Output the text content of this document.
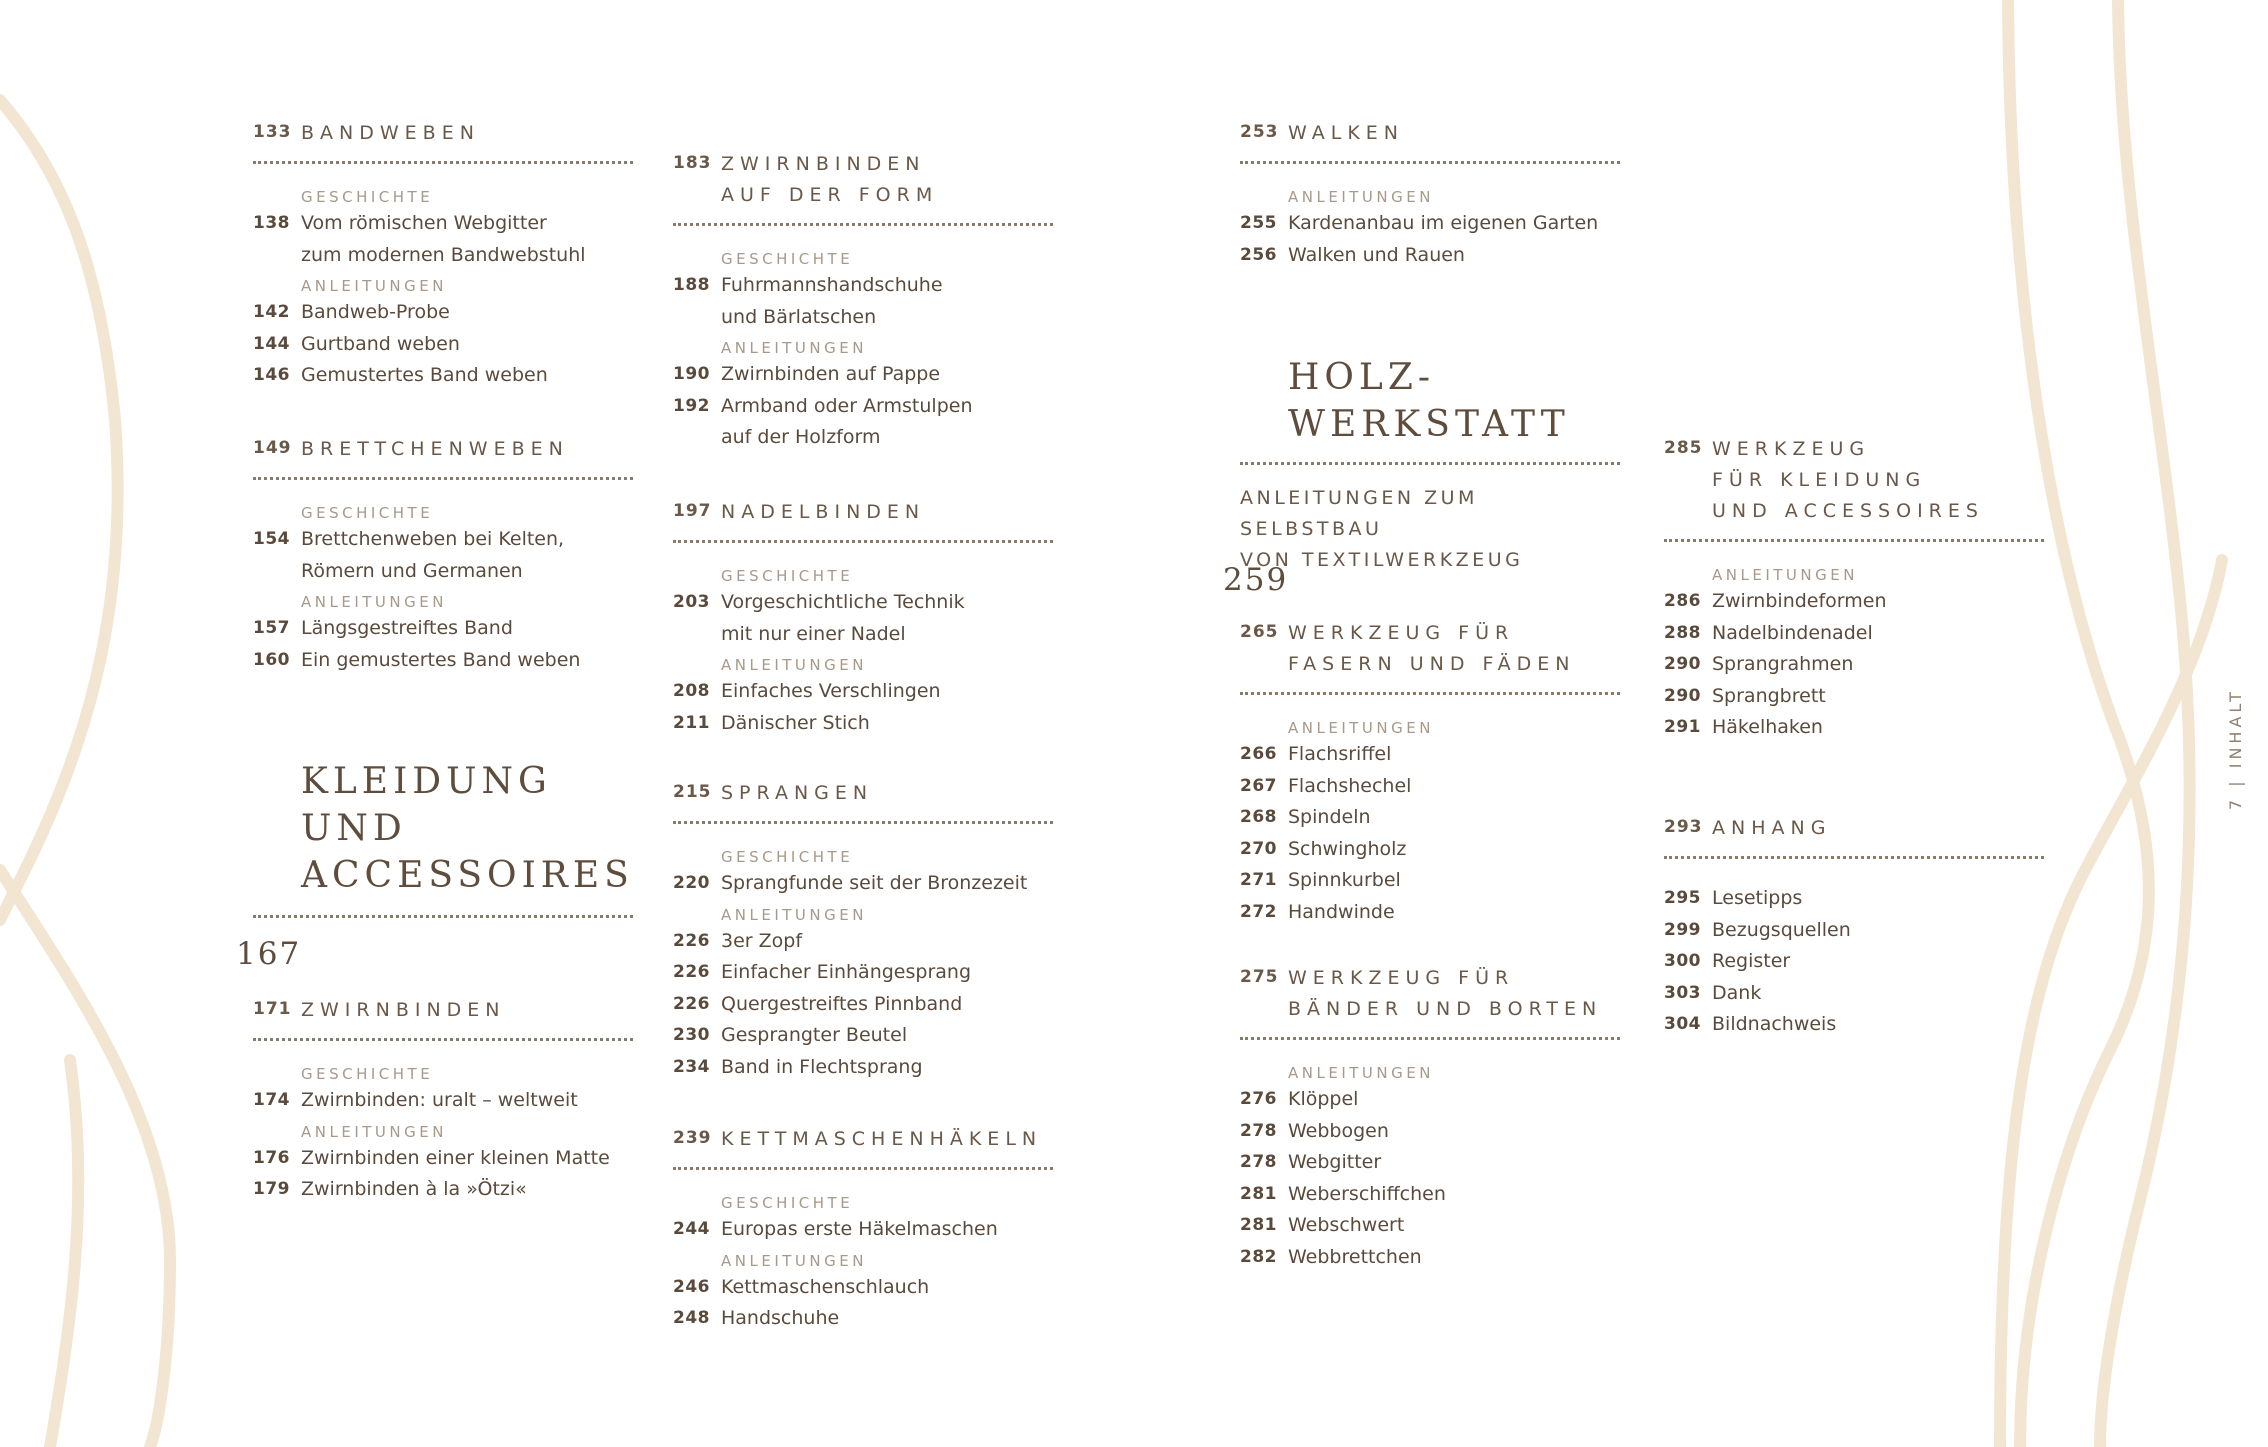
133 BANDWEBEN
GESCHICHTE
138 Vom römischen Webgitter
zum modernen Bandwebstuhl
ANLEITUNGEN
142 Bandweb-Probe
144 Gurtband weben
146 Gemustertes Band weben
149 BRETTCHENWEBEN
GESCHICHTE
154 Brettchenweben bei Kelten,
Römern und Germanen
ANLEITUNGEN
157 Längsgestreiftes Band
160 Ein gemustertes Band weben
KLEIDUNG
UND
ACCESSOIRES
167
171 ZWIRNBINDEN
GESCHICHTE
174 Zwirnbinden: uralt – weltweit
ANLEITUNGEN
176 Zwirnbinden einer kleinen Matte
179 Zwirnbinden à la »Ötzi«
183 ZWIRNBINDEN
AUF DER FORM
GESCHICHTE
188 Fuhrmannshandschuhe
und Bärlatschen
ANLEITUNGEN
190 Zwirnbinden auf Pappe
192 Armband oder Armstulpen
auf der Holzform
197 NADELBINDEN
GESCHICHTE
203 Vorgeschichtliche Technik
mit nur einer Nadel
ANLEITUNGEN
208 Einfaches Verschlingen
211 Dänischer Stich
215 SPRANGEN
GESCHICHTE
220 Sprangfunde seit der Bronzezeit
ANLEITUNGEN
226 3er Zopf
226 Einfacher Einhängesprang
226 Quergestreiftes Pinnband
230 Gesprangter Beutel
234 Band in Flechtsprang
239 KETTMASCHENHÄKELN
GESCHICHTE
244 Europas erste Häkelmaschen
ANLEITUNGEN
246 Kettmaschenschlauch
248 Handschuhe
253 WALKEN
ANLEITUNGEN
255 Kardenanbau im eigenen Garten
256 Walken und Rauen
HOLZ-
WERKSTATT
ANLEITUNGEN ZUM SELBSTBAU
VON TEXTILWERKZEUG
259
265 WERKZEUG FÜR
FASERN UND FÄDEN
ANLEITUNGEN
266 Flachsriffel
267 Flachshechel
268 Spindeln
270 Schwingholz
271 Spinnkurbel
272 Handwinde
275 WERKZEUG FÜR
BÄNDER UND BORTEN
ANLEITUNGEN
276 Klöppel
278 Webbogen
278 Webgitter
281 Weberschiffchen
281 Webschwert
282 Webbrettchen
285 WERKZEUG
FÜR KLEIDUNG
UND ACCESSOIRES
ANLEITUNGEN
286 Zwirnbindeformen
288 Nadelbindenadel
290 Sprangrahmen
290 Sprangbrett
291 Häkelhaken
293 ANHANG
295 Lesetipps
299 Bezugsquellen
300 Register
303 Dank
304 Bildnachweis
7 | INHALT
